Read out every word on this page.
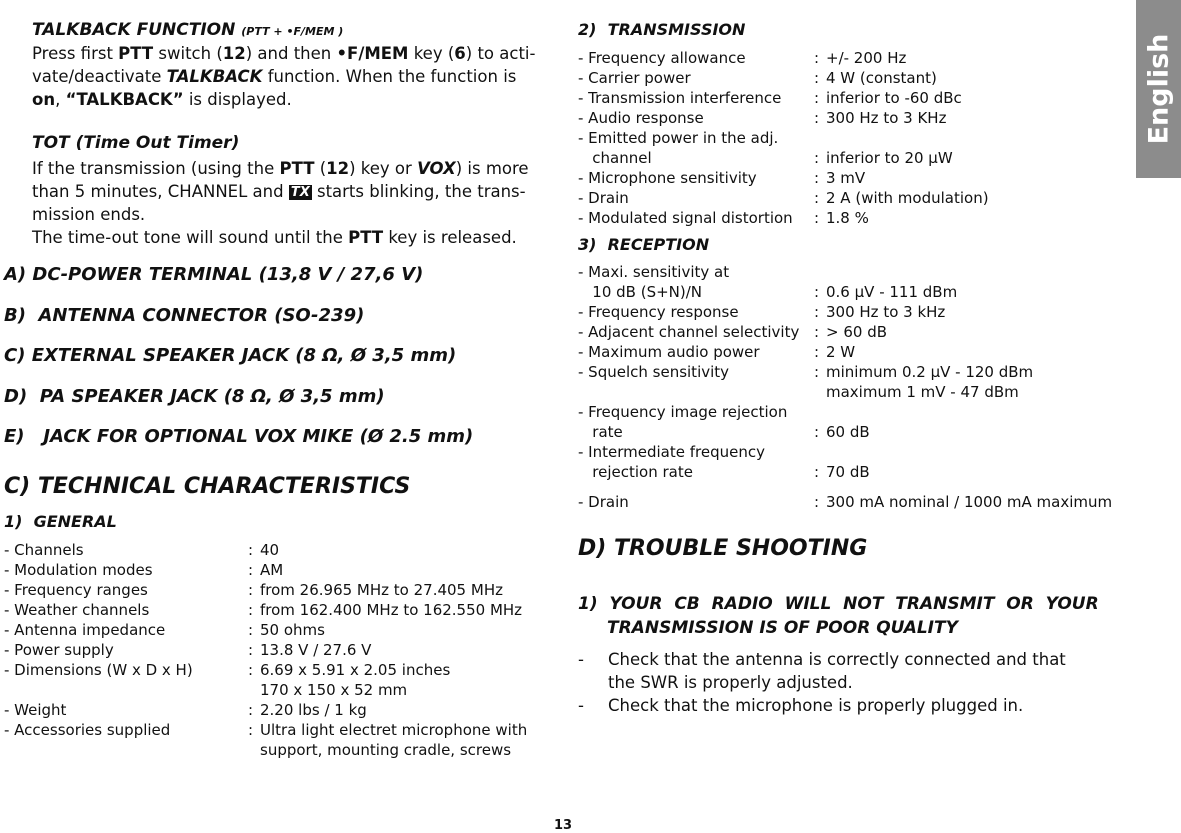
English
TALKBACK FUNCTION (PTT + •F/MEM )
Press first PTT switch (12) and then •F/MEM key (6) to acti-
vate/deactivate TALKBACK function. When the function is
on, “TALKBACK” is displayed.
TOT (Time Out Timer)
If the transmission (using the PTT (12) key or VOX) is more
than 5 minutes, CHANNEL and TX starts blinking, the trans-
mission ends.
The time-out tone will sound until the PTT key is released.
A) DC-POWER TERMINAL (13,8 V / 27,6 V)
B)  ANTENNA CONNECTOR (SO-239)
C) EXTERNAL SPEAKER JACK (8 Ω, Ø 3,5 mm)
D)  PA SPEAKER JACK (8 Ω, Ø 3,5 mm)
E)   JACK FOR OPTIONAL VOX MIKE (Ø 2.5 mm)
C) TECHNICAL CHARACTERISTICS
1)  GENERAL
- Channels	: 40
- Modulation modes	: AM
- Frequency ranges	: from 26.965 MHz to 27.405 MHz
- Weather channels	: from 162.400 MHz to 162.550 MHz
- Antenna impedance	: 50 ohms
- Power supply	: 13.8 V / 27.6 V
- Dimensions (W x D x H)	: 6.69 x 5.91 x 2.05 inches
170 x 150 x 52 mm
- Weight	: 2.20 lbs / 1 kg
- Accessories supplied	: Ultra light electret microphone with
support, mounting cradle, screws
2)  TRANSMISSION
- Frequency allowance	: +/- 200 Hz
- Carrier power	: 4 W (constant)
- Transmission interference	: inferior to -60 dBc
- Audio response	: 300 Hz to 3 KHz
- Emitted power in the adj.
channel	: inferior to 20 µW
- Microphone sensitivity	: 3 mV
- Drain	: 2 A (with modulation)
- Modulated signal distortion	: 1.8 %
3)  RECEPTION
- Maxi. sensitivity at
10 dB (S+N)/N	: 0.6 µV - 111 dBm
- Frequency response	: 300 Hz to 3 kHz
- Adjacent channel selectivity : > 60 dB
- Maximum audio power	: 2 W
- Squelch sensitivity	: minimum 0.2 µV - 120 dBm
maximum 1 mV - 47 dBm
- Frequency image rejection
rate	: 60 dB
- Intermediate frequency
rejection rate	: 70 dB
- Drain	: 300 mA nominal / 1000 mA maximum
D) TROUBLE SHOOTING
1)  YOUR  CB  RADIO  WILL  NOT  TRANSMIT  OR  YOUR
TRANSMISSION IS OF POOR QUALITY
-	Check that the antenna is correctly connected and that
the SWR is properly adjusted.
-	Check that the microphone is properly plugged in.
13
